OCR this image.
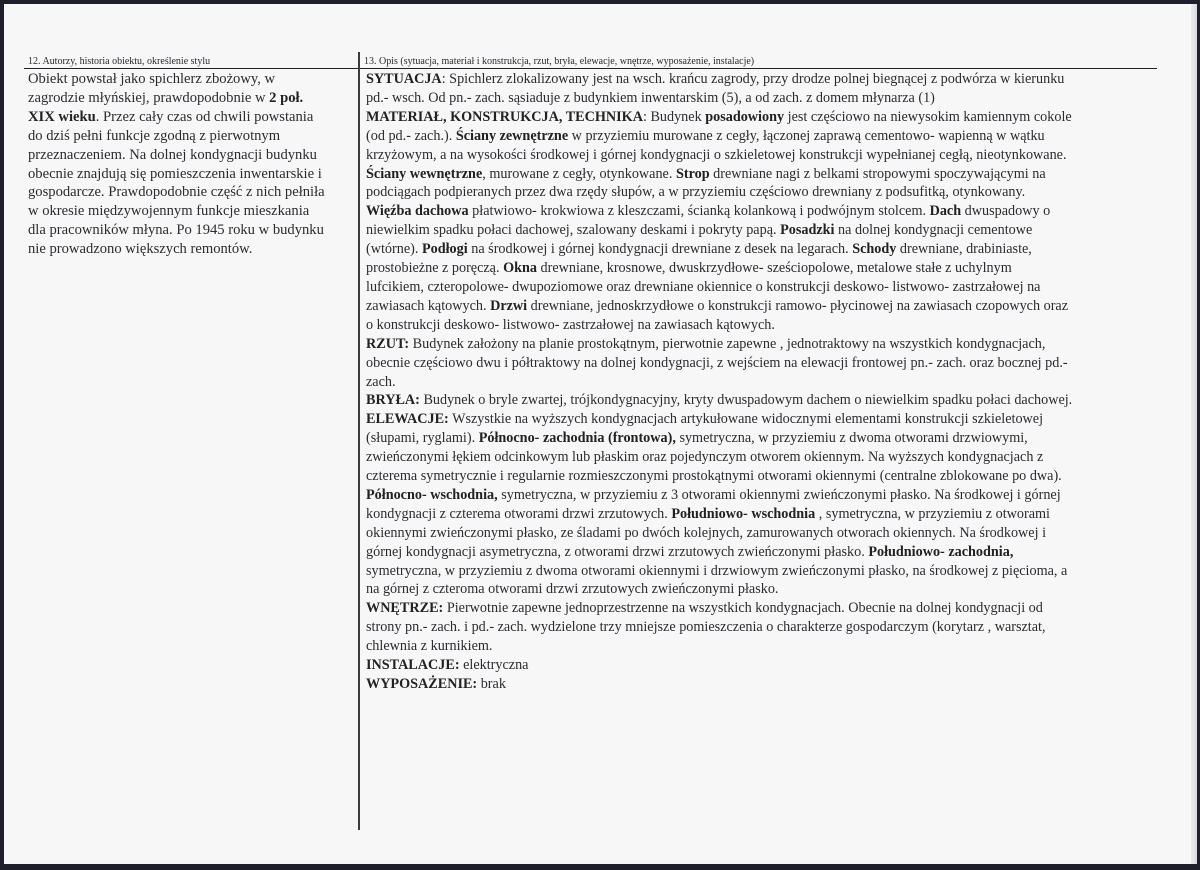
12. Autorzy, historia obiektu, określenie stylu
Obiekt powstał jako spichlerz zbożowy, w
zagrodzie młyńskiej, prawdopodobnie w 2 poł.
XIX wieku. Przez cały czas od chwili powstania
do dziś pełni funkcje zgodną z pierwotnym
przeznaczeniem. Na dolnej kondygnacji budynku
obecnie znajdują się pomieszczenia inwentarskie i
gospodarcze. Prawdopodobnie część z nich pełniła
w okresie międzywojennym funkcje mieszkania
dla pracowników młyna. Po 1945 roku w budynku
nie prowadzono większych remontów.
13. Opis (sytuacja, materiał i konstrukcja, rzut, bryła, elewacje, wnętrze, wyposażenie, instalacje)
SYTUACJA: Spichlerz zlokalizowany jest na wsch. krańcu zagrody, przy drodze polnej biegnącej z podwórza w kierunku
pd.- wsch. Od pn.- zach. sąsiaduje z budynkiem inwentarskim (5), a od zach. z domem młynarza (1)
MATERIAŁ, KONSTRUKCJA, TECHNIKA: Budynek posadowiony jest częściowo na niewysokim kamiennym cokole
(od pd.- zach.). Ściany zewnętrzne w przyziemiu murowane z cegły, łączonej zaprawą cementowo- wapienną w wątku
krzyżowym, a na wysokości środkowej i górnej kondygnacji o szkieletowej konstrukcji wypełnianej cegłą, nieotynkowane.
Ściany wewnętrzne, murowane z cegły, otynkowane. Strop drewniane nagi z belkami stropowymi spoczywającymi na
podciągach podpieranych przez dwa rzędy słupów, a w przyziemiu częściowo drewniany z podsufitką, otynkowany.
Więźba dachowa płatwiowo- krokwiowa z kleszczami, ścianką kolankową i podwójnym stolcem. Dach dwuspadowy o
niewielkim spadku połaci dachowej, szalowany deskami i pokryty papą. Posadzki na dolnej kondygnacji cementowe
(wtórne). Podłogi na środkowej i górnej kondygnacji drewniane z desek na legarach. Schody drewniane, drabiniaste,
prostobieżne z poręczą. Okna drewniane, krosnowe, dwuskrzydłowe- sześciopolowe, metalowe stałe z uchylnym
lufcikiem, czteropolowe- dwupoziomowe oraz drewniane okiennice o konstrukcji deskowo- listwowo- zastrzałowej na
zawiasach kątowych. Drzwi drewniane, jednoskrzydłowe o konstrukcji ramowo- płycinowej na zawiasach czopowych oraz
o konstrukcji deskowo- listwowo- zastrzałowej na zawiasach kątowych.
RZUT: Budynek założony na planie prostokątnym, pierwotnie zapewne , jednotraktowy na wszystkich kondygnacjach,
obecnie częściowo dwu i półtraktowy na dolnej kondygnacji, z wejściem na elewacji frontowej pn.- zach. oraz bocznej pd.-
zach.
BRYŁA: Budynek o bryle zwartej, trójkondygnacyjny, kryty dwuspadowym dachem o niewielkim spadku połaci dachowej.
ELEWACJE: Wszystkie na wyższych kondygnacjach artykułowane widocznymi elementami konstrukcji szkieletowej
(słupami, ryglami). Północno- zachodnia (frontowa), symetryczna, w przyziemiu z dwoma otworami drzwiowymi,
zwieńczonymi łękiem odcinkowym lub płaskim oraz pojedynczym otworem okiennym. Na wyższych kondygnacjach z
czterema symetrycznie i regularnie rozmieszczonymi prostokątnymi otworami okiennymi (centralne zblokowane po dwa).
Północno- wschodnia, symetryczna, w przyziemiu z 3 otworami okiennymi zwieńczonymi płasko. Na środkowej i górnej
kondygnacji z czterema otworami drzwi zrzutowych. Południowo- wschodnia , symetryczna, w przyziemiu z otworami
okiennymi zwieńczonymi płasko, ze śladami po dwóch kolejnych, zamurowanych otworach okiennych. Na środkowej i
górnej kondygnacji asymetryczna, z otworami drzwi zrzutowych zwieńczonymi płasko. Południowo- zachodnia,
symetryczna, w przyziemiu z dwoma otworami okiennymi i drzwiowym zwieńczonymi płasko, na środkowej z pięcioma, a
na górnej z czteroma otworami drzwi zrzutowych zwieńczonymi płasko.
WNĘTRZE: Pierwotnie zapewne jednoprzestrzenne na wszystkich kondygnacjach. Obecnie na dolnej kondygnacji od
strony pn.- zach. i pd.- zach. wydzielone trzy mniejsze pomieszczenia o charakterze gospodarczym (korytarz , warsztat,
chlewnia z kurnikiem.
INSTALACJE: elektryczna
WYPOSAŻENIE: brak
